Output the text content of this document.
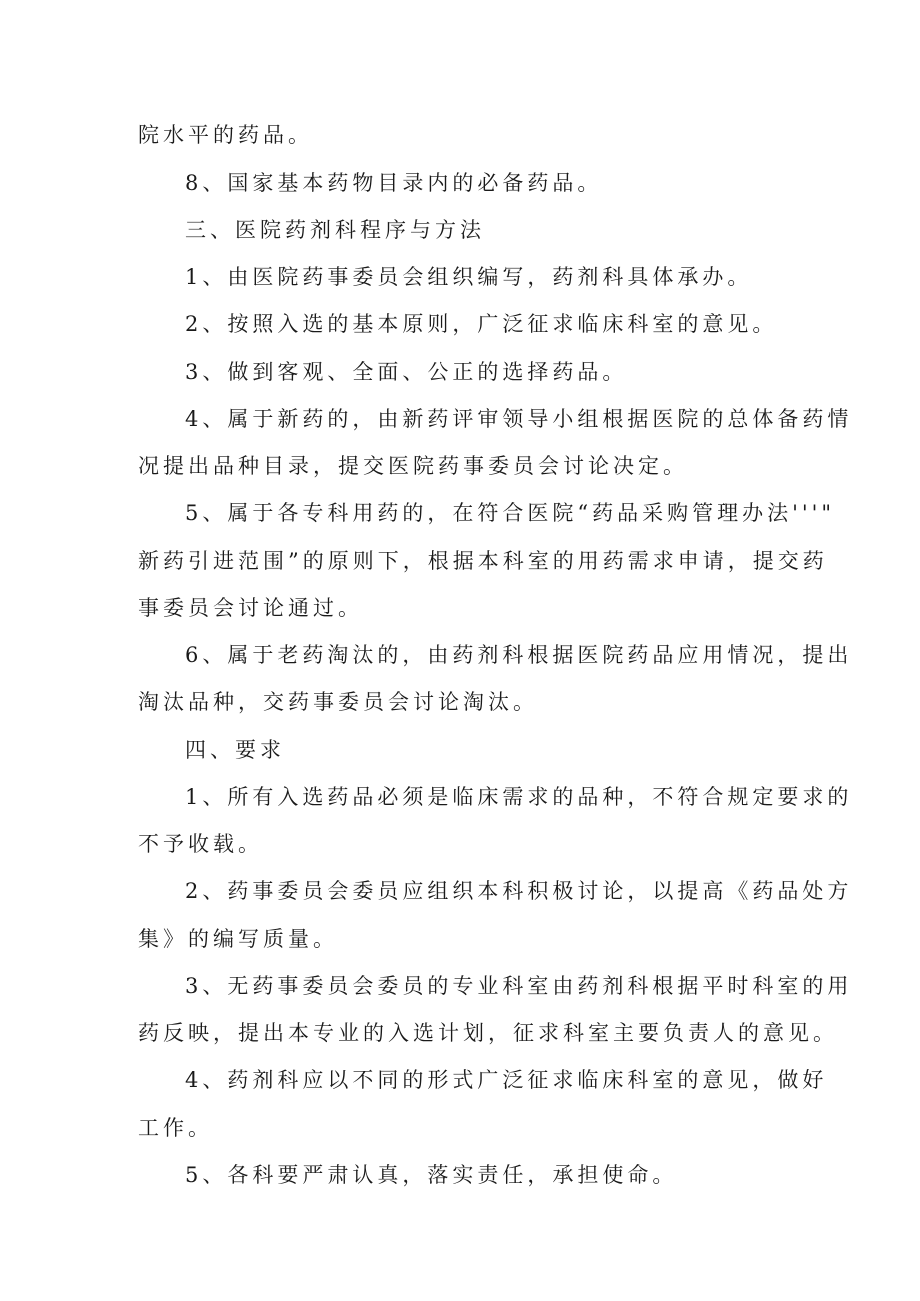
院水平的药品。
8、国家基本药物目录内的必备药品。
三、医院药剂科程序与方法
1、由医院药事委员会组织编写，药剂科具体承办。
2、按照入选的基本原则，广泛征求临床科室的意见。
3、做到客观、全面、公正的选择药品。
4、属于新药的，由新药评审领导小组根据医院的总体备药情
况提出品种目录，提交医院药事委员会讨论决定。
5、属于各专科用药的，在符合医院“药品采购管理办法'''"
新药引进范围”的原则下，根据本科室的用药需求申请，提交药
事委员会讨论通过。
6、属于老药淘汰的，由药剂科根据医院药品应用情况，提出
淘汰品种，交药事委员会讨论淘汰。
四、要求
1、所有入选药品必须是临床需求的品种，不符合规定要求的
不予收载。
2、药事委员会委员应组织本科积极讨论，以提高《药品处方
集》的编写质量。
3、无药事委员会委员的专业科室由药剂科根据平时科室的用
药反映，提出本专业的入选计划，征求科室主要负责人的意见。
4、药剂科应以不同的形式广泛征求临床科室的意见，做好
工作。
5、各科要严肃认真，落实责任，承担使命。
